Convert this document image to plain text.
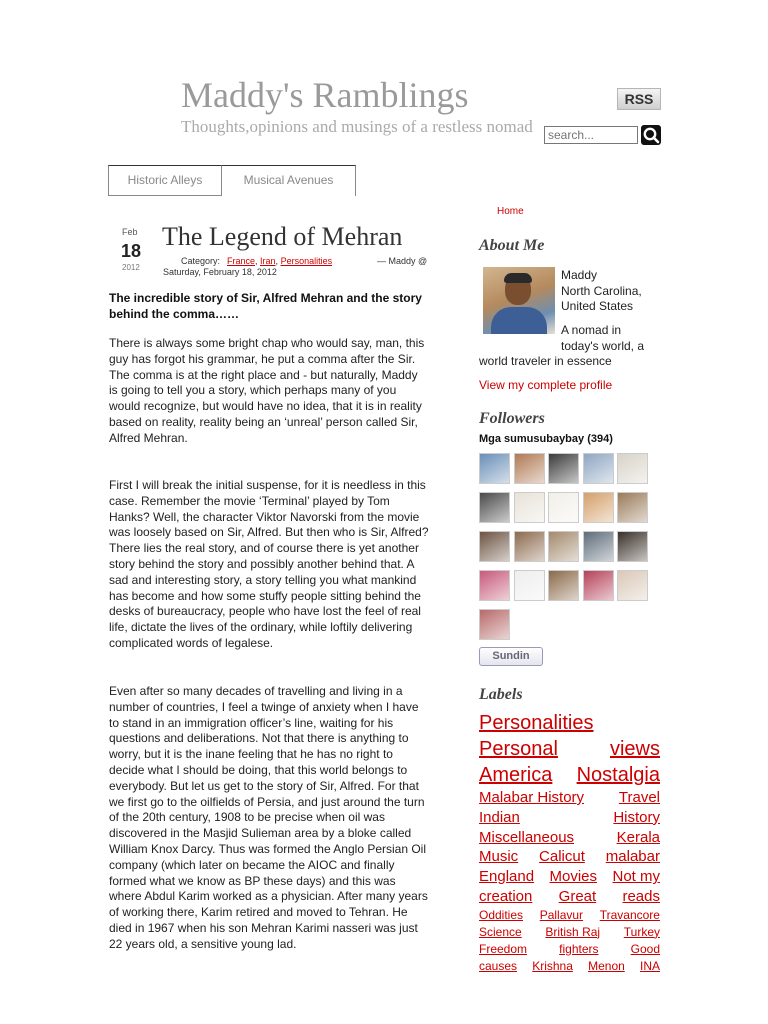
Maddy's Ramblings
Thoughts,opinions and musings of a restless nomad
RSS
search...
Historic Alleys	Musical Avenues
Home
Feb
18
2012
The Legend of Mehran
Category: France, Iran, Personalities	— Maddy @
Saturday, February 18, 2012
The incredible story of Sir, Alfred Mehran and the story behind the comma……
There is always some bright chap who would say, man, this guy has forgot his grammar, he put a comma after the Sir. The comma is at the right place and - but naturally, Maddy is going to tell you a story, which perhaps many of you would recognize, but would have no idea, that it is in reality based on reality, reality being an ‘unreal’ person called Sir, Alfred Mehran.
First I will break the initial suspense, for it is needless in this case. Remember the movie ‘Terminal’ played by Tom Hanks? Well, the character Viktor Navorski from the movie was loosely based on Sir, Alfred. But then who is Sir, Alfred? There lies the real story, and of course there is yet another story behind the story and possibly another behind that. A sad and interesting story, a story telling you what mankind has become and how some stuffy people sitting behind the desks of bureaucracy, people who have lost the feel of real life, dictate the lives of the ordinary, while loftily delivering complicated words of legalese.
Even after so many decades of travelling and living in a number of countries, I feel a twinge of anxiety when I have to stand in an immigration officer’s line, waiting for his questions and deliberations. Not that there is anything to worry, but it is the inane feeling that he has no right to decide what I should be doing, that this world belongs to everybody. But let us get to the story of Sir, Alfred. For that we first go to the oilfields of Persia, and just around the turn of the 20th century, 1908 to be precise when oil was discovered in the Masjid Sulieman area by a bloke called William Knox Darcy. Thus was formed the Anglo Persian Oil company (which later on became the AIOC and finally formed what we know as BP these days) and this was where Abdul Karim worked as a physician. After many years of working there, Karim retired and moved to Tehran. He died in 1967 when his son Mehran Karimi nasseri was just 22 years old, a sensitive young lad.
About Me
Maddy
North Carolina,
United States
A nomad in
today's world, a
world traveler in essence
View my complete profile
Followers
Mga sumusubaybay (394)
Sundin
Labels
Personalities
Personal	views
America Nostalgia
Malabar History Travel
Indian	History
Miscellaneous	Kerala
Music Calicut malabar
England Movies Not my
creation Great reads
Oddities Pallavur Travancore
Science British Raj Turkey
Freedom	fighters	Good
causes Krishna Menon INA
